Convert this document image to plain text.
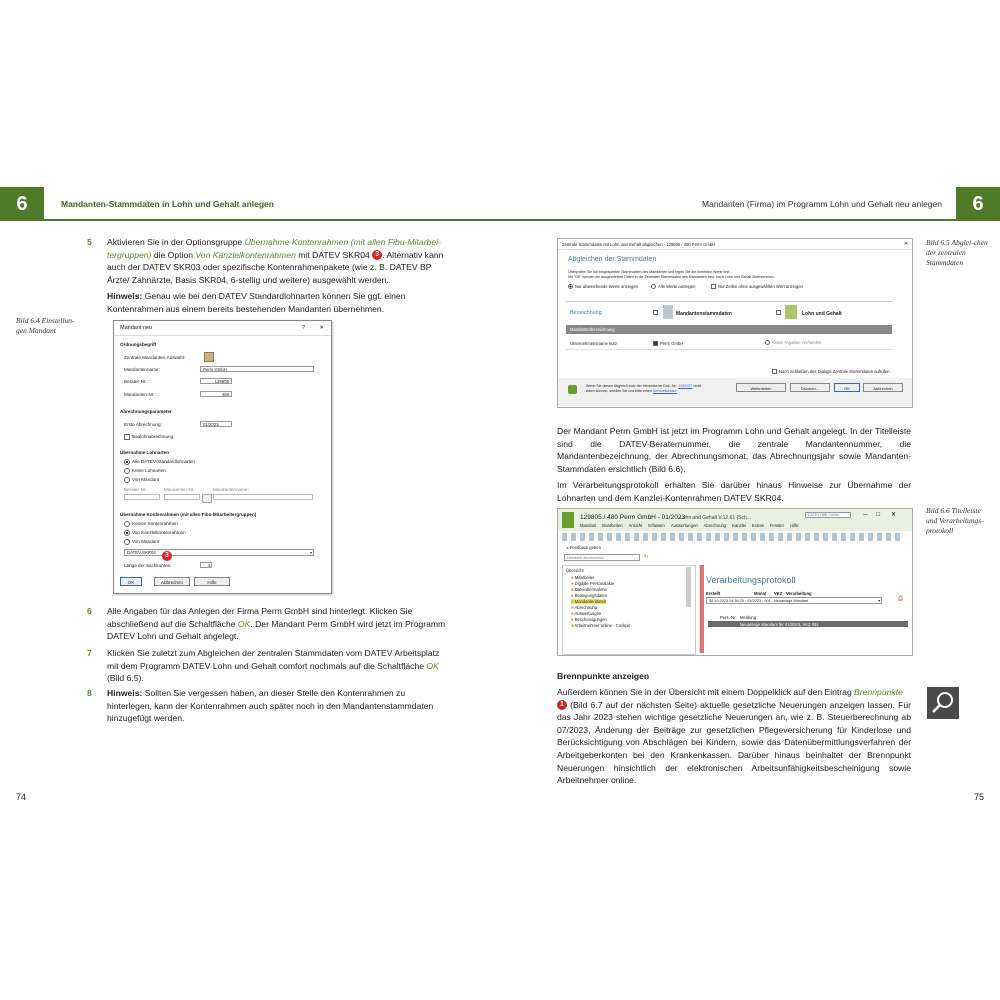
6	Mandanten-Stammdaten in Lohn und Gehalt anlegen
5 Aktivieren Sie in der Optionsgruppe Übernahme Kontenrahmen (mit allen Fibu-Mitarbei-tergruppen) die Option Von Kanzleikontenrahmen mit DATEV SKR04 3 . Alternativ kann auch der DATEV SKR03 oder spezifische Kontenrahmenpakete (wie z. B. DATEV BP Ärzte/ Zahnärzte, Basis SKR04, 6-stellig und weitere) ausgewählt werden.
Hinweis: Genau wie bei den DATEV Standardlohnarten können Sie ggf. einen Kontenrahmen aus einem bereits bestehenden Mandanten übernehmen.
Bild 6.4 Einstellun-gen Mandant	Mandant neu	?	✕
Ordnungsbegriff
Zentrale Mandanten-Auswahl:
Mandantenname:	Perm GmbH
Berater-Nr.:	129805
Mandanten-Nr.:	480
Abrechnungsparameter
Erste Abrechnung:	01/2023
Baulohnabrechnung
Übernahme Lohnarten
Alle DATEV-Standardlohnarten
Keine Lohnarten
Von Mandant
Berater-Nr.:	Mandanten-Nr.:	Mandantenname:
Übernahme Kontenrahmen (mit allen Fibu-Mitarbeitergruppen)
Keinen Kontenrahmen
Von Kanzleikontenrahmen
Von Mandant
DATEV SKR04	▾
3
Länge der Sachkonten:	4
OK	Abbrechen	Hilfe
6 Alle Angaben für das Anlegen der Firma Perm GmbH sind hinterlegt. Klicken Sie abschließend auf die Schaltfläche OK. Der Mandant Perm GmbH wird jetzt im Programm DATEV Lohn und Gehalt angelegt.
7 Klicken Sie zuletzt zum Abgleichen der zentralen Stammdaten vom DATEV Arbeitsplatz mit dem Programm DATEV Lohn und Gehalt comfort nochmals auf die Schaltfläche OK (Bild 6.5).
8 Hinweis: Sollten Sie vergessen haben, an dieser Stelle den Kontenrahmen zu hinterlegen, kann der Kontenrahmen auch später noch in den Mandantenstammdaten hinzugefügt werden.
74
6
Mandanten (Firma) im Programm Lohn und Gehalt neu anlegen
Bild 6.5 Abglei-chen der zentralen Stammdaten
Zentrale Stammdaten mit Lohn und Gehalt abgleichen - 129805 / 480 Perm GmbH	✕
Abgleichen der Stammdaten
Überprüfen Sie die eingespielten Stammdaten des Mandanten und legen Sie die korrekten Werte fest.
Mit "OK" werden die ausgewählten Daten in die Zentralen Stammdaten des Mandanten bzw. nach Lohn und Gehalt übernommen.
Nur abweichende Werte anzeigen	Alle Werte anzeigen	Nur Zeilen ohne ausgewählten Wert anzeigen
Bezeichnung	Mandantenstammdaten	Lohn und Gehalt
Mandantenbezeichnung
Unternehmensname kurz	Perm GmbH	Keine Angaben vorhanden
Nach Schließen des Dialogs Zentrale Stammdaten aufrufen
Wenn Sie diesen Abgleich trotz der Hinweise im Dok.-Nr.: 1083037 nicht
lösen können, senden Sie uns bitte einen Servicekontakt.	Weiterleiten	Drucken...	OK	Abbrechen
Der Mandant Perm GmbH ist jetzt im Programm Lohn und Gehalt angelegt. In der Titelleiste sind die DATEV-Beraternummer, die zentrale Mandantennummer, die Mandantenbezeichnung, der Abrechnungsmonat, das Abrechnungsjahr sowie Mandanten-Stammdaten ersichtlich (Bild 6.6).
Im Verarbeitungsprotokoll erhalten Sie darüber hinaus Hinweise zur Übernahme der Lohnarten und dem Kanzlei-Kontenrahmen DATEV SKR04.
Bild 6.6 Titelleiste und Verarbeitungs-protokoll
129805 / 480 Perm GmbH - 01/2023
Lohn und Gehalt V.12.61 (Sch...	DATEV Hilfe-Center	— ☐ ✕
Mandant Bearbeiten Ansicht Erfassen Auswertungen Abrechnung Kanzlei Extras Fenster Hilfe
● Feedback geben
Übersicht durchsuchen	↻
Übersicht
■ Mitarbeiter
■ Digitale Personalakte
■ Dateiübermahme
■ Bewegungsdaten
■ Mandantendaten
■ Abrechnung
■ Auswertungen
■ Bescheinigungen
■ Arbeitnehmer online - Cockpit
Verarbeitungsprotokoll
Erstellt	Monat VKZ Verarbeitung
30.10.2023 14:36:25 - 01/2023 - 001 - Neuanlage Mandant	▾	⎙
Pers.-Nr. Meldung
Neuanlage Mandant für 01/2023, VKZ 001
Brennpunkte anzeigen
Außerdem können Sie in der Übersicht mit einem Doppelklick auf den Eintrag Brennpunkte
1 (Bild 6.7 auf der nächsten Seite) aktuelle gesetzliche Neuerungen anzeigen lassen. Für das Jahr 2023 stehen wichtige gesetzliche Neuerungen an, wie z. B. Steuerberechnung ab 07/2023, Änderung der Beiträge zur gesetzlichen Pflegeversicherung für Kinderlose und Berücksichtigung von Abschlägen bei Kindern, sowie das Datenübermittlungsverfahren der Arbeitgeberkonten bei den Krankenkassen. Darüber hinaus beinhaltet der Brennpunkt Neuerungen hinsichtlich der elektronischen Arbeitsunfähigkeitsbescheinigung sowie Arbeitnehmer online.
75
